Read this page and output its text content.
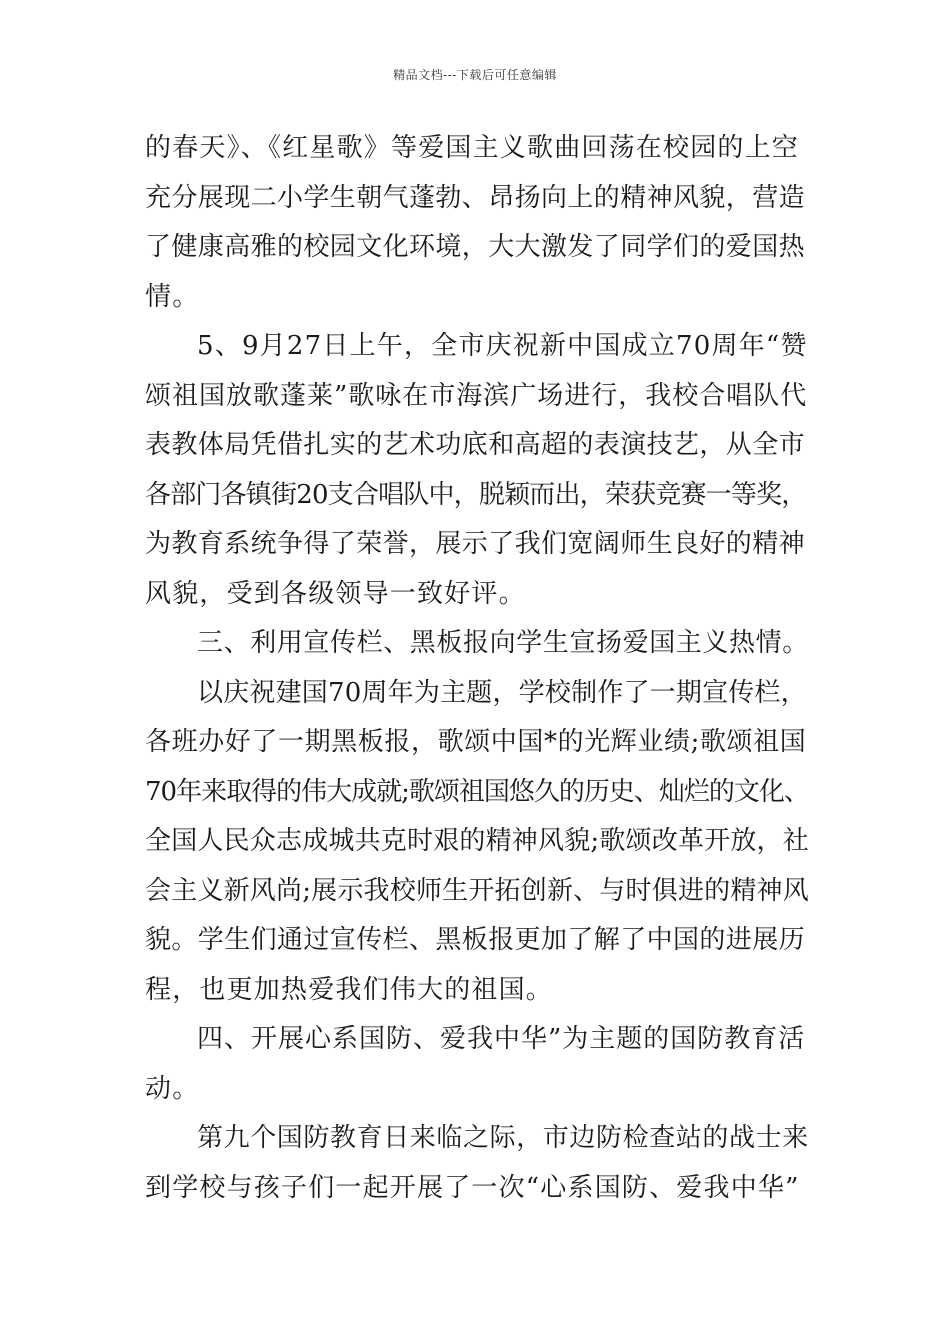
精品文档---下载后可任意编辑
的春天》、《红星歌》等爱国主义歌曲回荡在校园的上空
充分展现二小学生朝气蓬勃、昂扬向上的精神风貌，营造
了健康高雅的校园文化环境，大大激发了同学们的爱国热
情。
5、9月27日上午，全市庆祝新中国成立70周年“赞
颂祖国放歌蓬莱”歌咏在市海滨广场进行，我校合唱队代
表教体局凭借扎实的艺术功底和高超的表演技艺，从全市
各部门各镇街20支合唱队中，脱颖而出，荣获竞赛一等奖，
为教育系统争得了荣誉，展示了我们宽阔师生良好的精神
风貌，受到各级领导一致好评。
三、利用宣传栏、黑板报向学生宣扬爱国主义热情。
以庆祝建国70周年为主题，学校制作了一期宣传栏，
各班办好了一期黑板报，歌颂中国*的光辉业绩;歌颂祖国
70年来取得的伟大成就;歌颂祖国悠久的历史、灿烂的文化、
全国人民众志成城共克时艰的精神风貌;歌颂改革开放，社
会主义新风尚;展示我校师生开拓创新、与时俱进的精神风
貌。学生们通过宣传栏、黑板报更加了解了中国的进展历
程，也更加热爱我们伟大的祖国。
四、开展心系国防、爱我中华”为主题的国防教育活
动。
第九个国防教育日来临之际，市边防检查站的战士来
到学校与孩子们一起开展了一次“心系国防、爱我中华”
